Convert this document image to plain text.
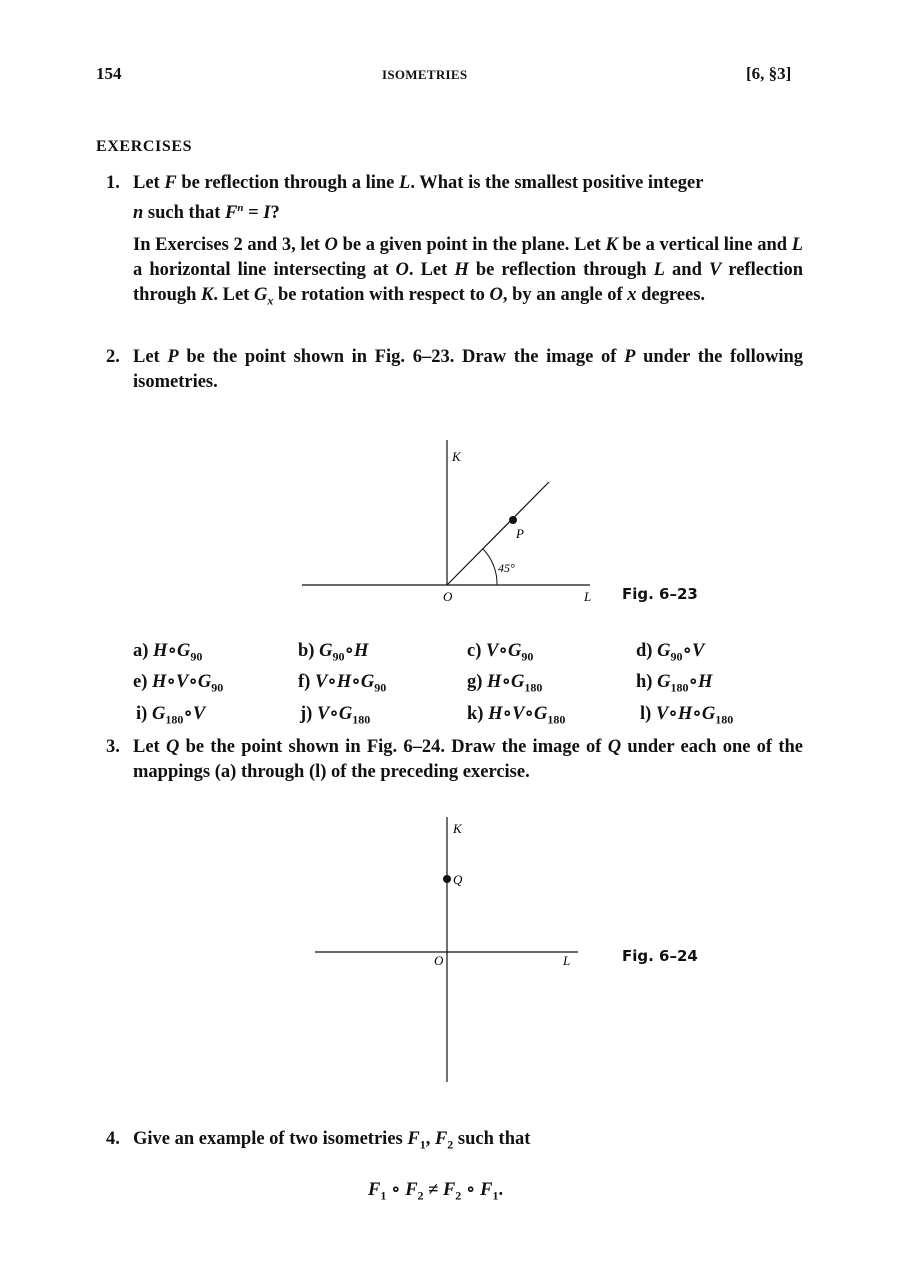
154	ISOMETRIES	[6, §3]
EXERCISES
1. Let F be reflection through a line L. What is the smallest positive integer
n such that $F^n = I$?
In Exercises 2 and 3, let O be a given point in the plane. Let K be a vertical line and L a horizontal line intersecting at O. Let H be reflection through L and V reflection through K. Let $G_x$ be rotation with respect to O, by an angle of x degrees.
2. Let P be the point shown in Fig. 6–23. Draw the image of P under the following isometries.
K
P
45°
O	L Fig. 6–23
a) $H\circ G_{90}$	b) $G_{90}\circ H$	c) $V\circ G_{90}$	d) $G_{90}\circ V$
e) $H\circ V\circ G_{90}$	f) $V\circ H\circ G_{90}$	g) $H\circ G_{180}$	h) $G_{180}\circ H$
i) $G_{180}\circ V$	j) $V\circ G_{180}$	k) $H\circ V\circ G_{180}$	l) $V\circ H\circ G_{180}$
3. Let Q be the point shown in Fig. 6–24. Draw the image of Q under each one of the mappings (a) through (l) of the preceding exercise.
K
Q
O	L	Fig. 6–24
4. Give an example of two isometries $F_1$, $F_2$ such that
$F_1$ ∘ $F_2 \ne F_2$ ∘ $F_1$.
